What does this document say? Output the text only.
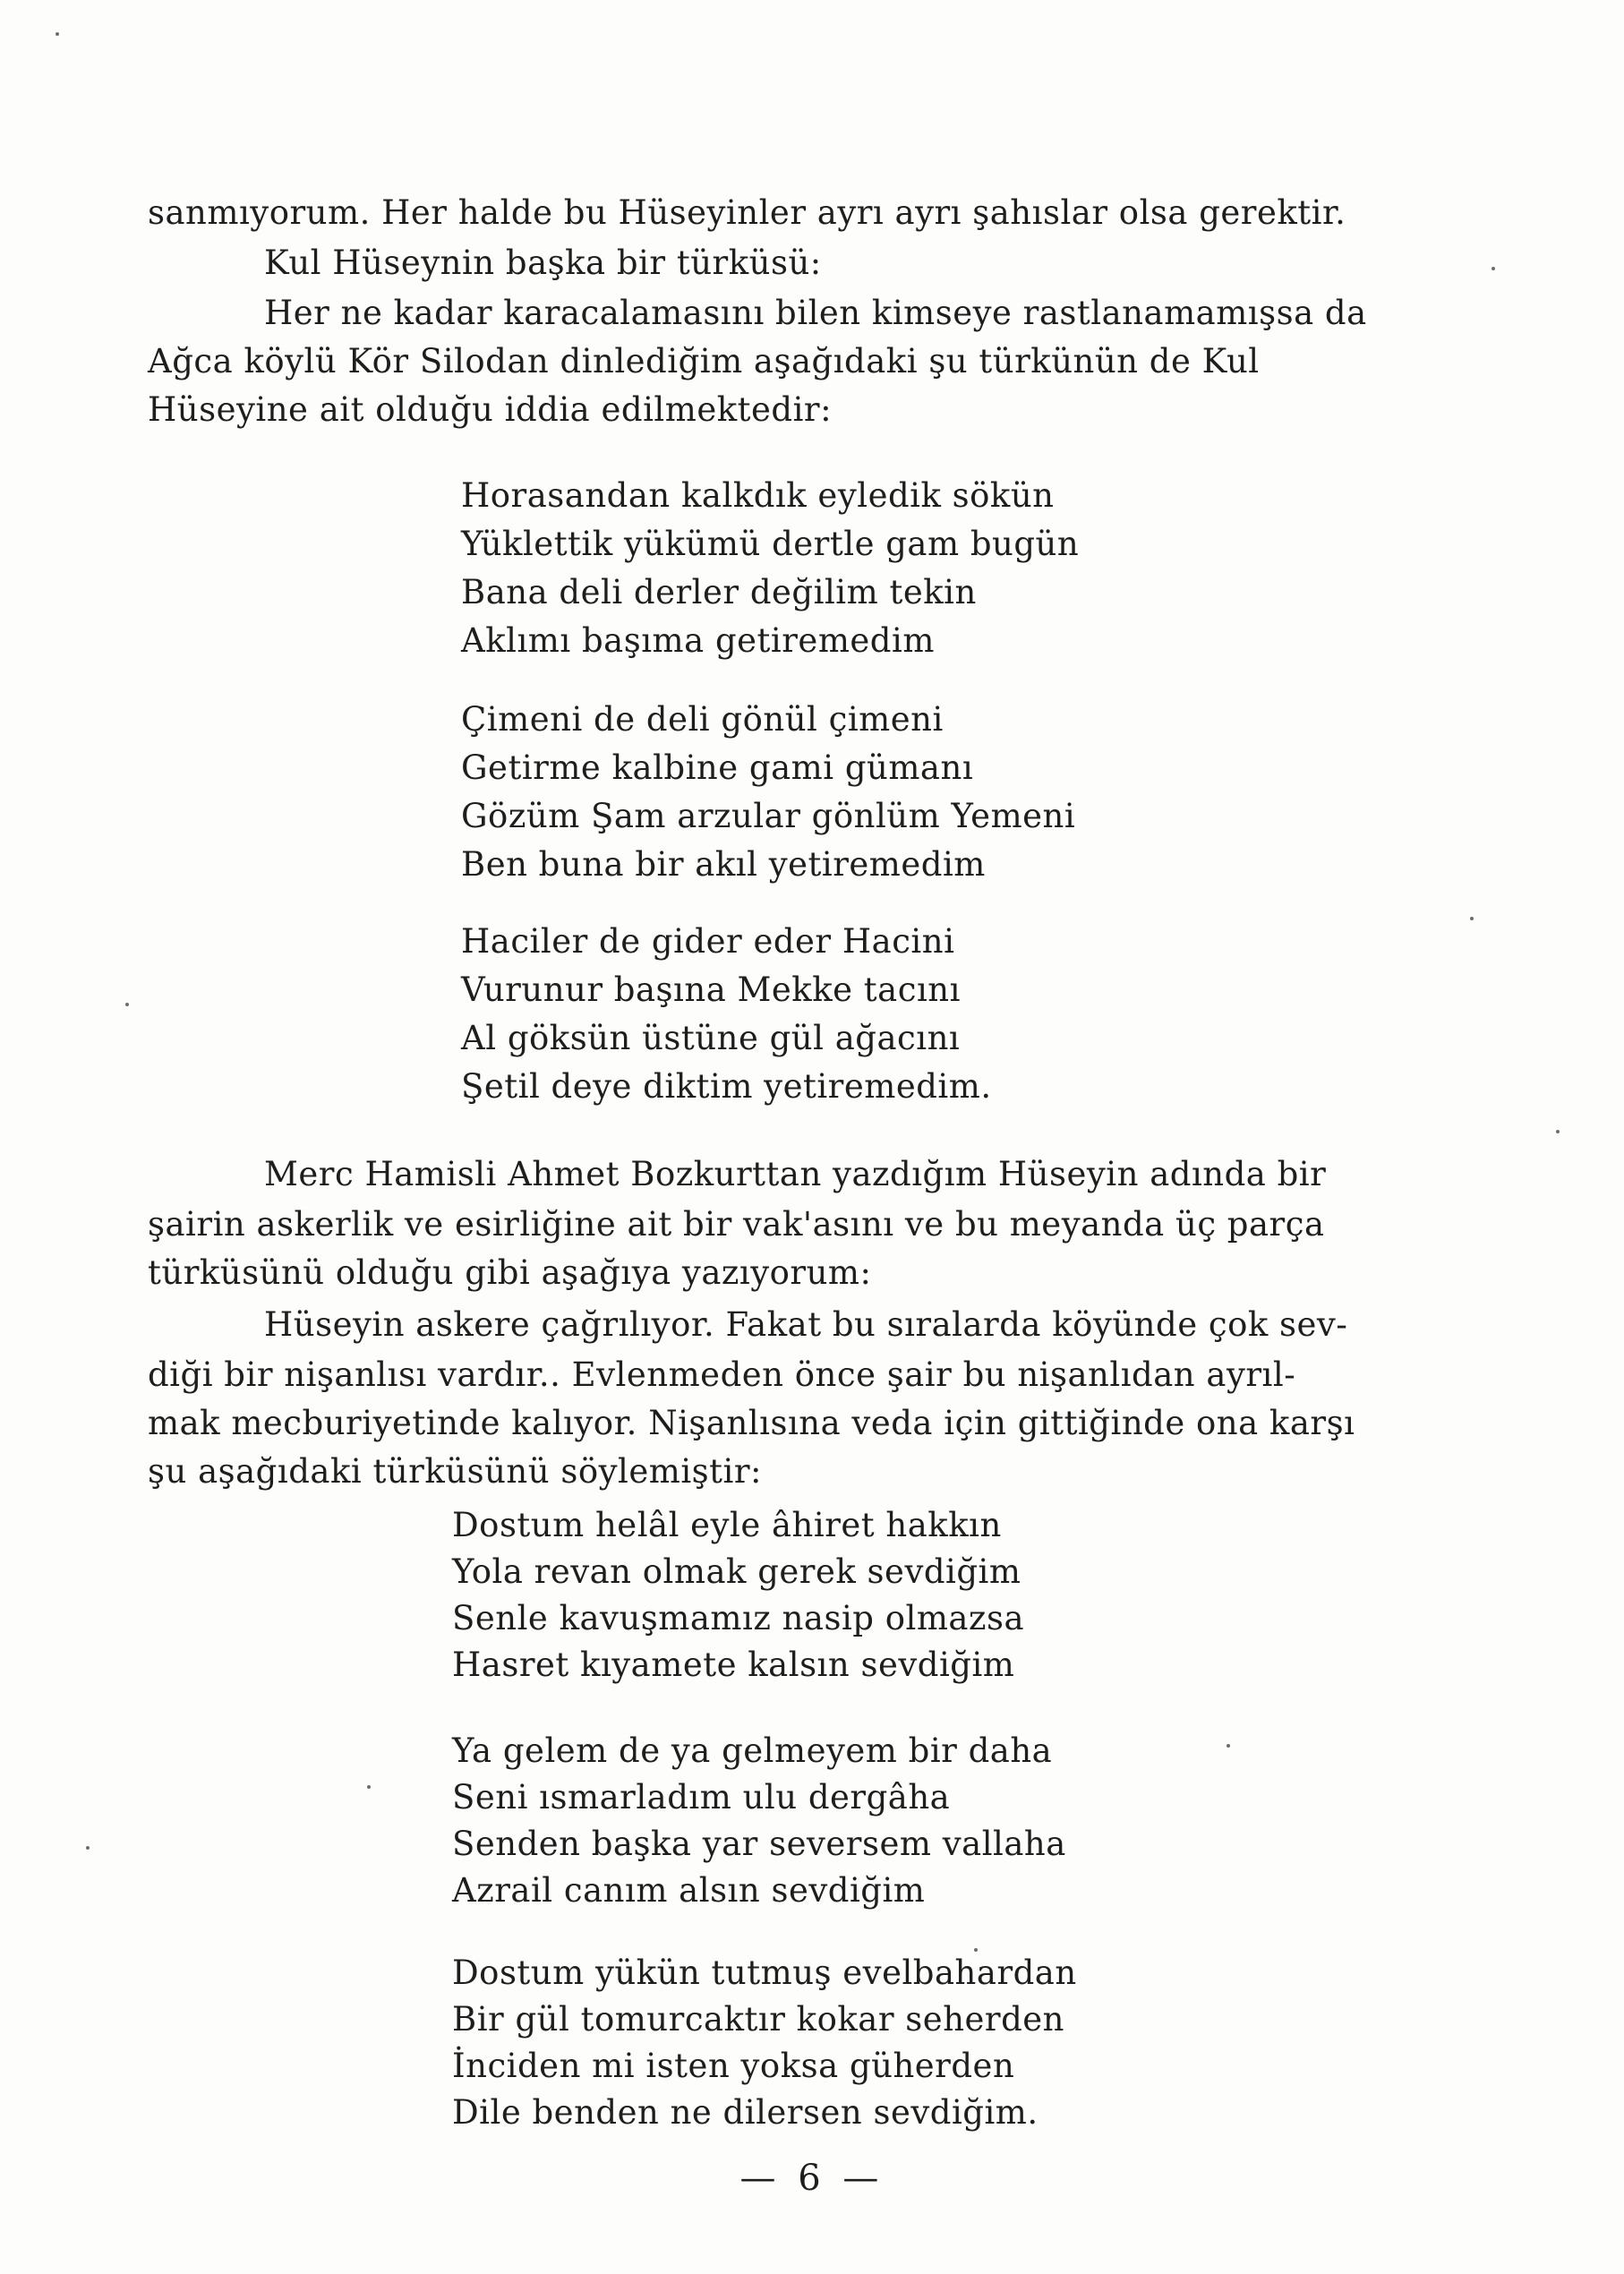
sanmıyorum. Her halde bu Hüseyinler ayrı ayrı şahıslar olsa gerektir.
Kul Hüseynin başka bir türküsü:
Her ne kadar karacalamasını bilen kimseye rastlanamamışsa da
Ağca köylü Kör Silodan dinlediğim aşağıdaki şu türkünün de Kul
Hüseyine ait olduğu iddia edilmektedir:
Horasandan kalkdık eyledik sökün
Yüklettik yükümü dertle gam bugün
Bana deli derler değilim tekin
Aklımı başıma getiremedim
Çimeni de deli gönül çimeni
Getirme kalbine gami gümanı
Gözüm Şam arzular gönlüm Yemeni
Ben buna bir akıl yetiremedim
Haciler de gider eder Hacini
Vurunur başına Mekke tacını
Al göksün üstüne gül ağacını
Şetil deye diktim yetiremedim.
Merc Hamisli Ahmet Bozkurttan yazdığım Hüseyin adında bir
şairin askerlik ve esirliğine ait bir vak'asını ve bu meyanda üç parça
türküsünü olduğu gibi aşağıya yazıyorum:
Hüseyin askere çağrılıyor. Fakat bu sıralarda köyünde çok sev-
diği bir nişanlısı vardır.. Evlenmeden önce şair bu nişanlıdan ayrıl-
mak mecburiyetinde kalıyor. Nişanlısına veda için gittiğinde ona karşı
şu aşağıdaki türküsünü söylemiştir:
Dostum helâl eyle âhiret hakkın
Yola revan olmak gerek sevdiğim
Senle kavuşmamız nasip olmazsa
Hasret kıyamete kalsın sevdiğim
Ya gelem de ya gelmeyem bir daha
Seni ısmarladım ulu dergâha
Senden başka yar seversem vallaha
Azrail canım alsın sevdiğim
Dostum yükün tutmuş evelbahardan
Bir gül tomurcaktır kokar seherden
İnciden mi isten yoksa güherden
Dile benden ne dilersen sevdiğim.
— 6 —
